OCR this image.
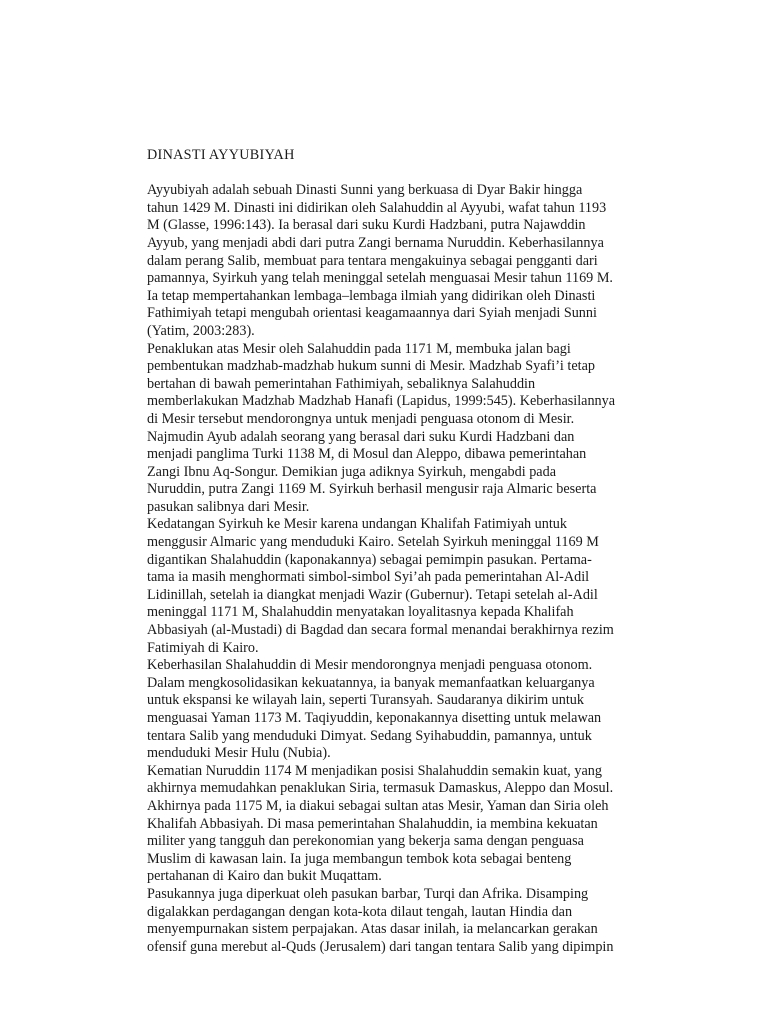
DINASTI AYYUBIYAH
Ayyubiyah adalah sebuah Dinasti Sunni yang berkuasa di Dyar Bakir hingga
tahun 1429 M. Dinasti ini didirikan oleh Salahuddin al Ayyubi, wafat tahun 1193
M (Glasse, 1996:143). Ia berasal dari suku Kurdi Hadzbani, putra Najawddin
Ayyub, yang menjadi abdi dari putra Zangi bernama Nuruddin. Keberhasilannya
dalam perang Salib, membuat para tentara mengakuinya sebagai pengganti dari
pamannya, Syirkuh yang telah meninggal setelah menguasai Mesir tahun 1169 M.
Ia tetap mempertahankan lembaga–lembaga ilmiah yang didirikan oleh Dinasti
Fathimiyah tetapi mengubah orientasi keagamaannya dari Syiah menjadi Sunni
(Yatim, 2003:283).
Penaklukan atas Mesir oleh Salahuddin pada 1171 M, membuka jalan bagi
pembentukan madzhab-madzhab hukum sunni di Mesir. Madzhab Syafi’i tetap
bertahan di bawah pemerintahan Fathimiyah, sebaliknya Salahuddin
memberlakukan Madzhab Madzhab Hanafi (Lapidus, 1999:545). Keberhasilannya
di Mesir tersebut mendorongnya untuk menjadi penguasa otonom di Mesir.
Najmudin Ayub adalah seorang yang berasal dari suku Kurdi Hadzbani dan
menjadi panglima Turki 1138 M, di Mosul dan Aleppo, dibawa pemerintahan
Zangi Ibnu Aq-Songur. Demikian juga adiknya Syirkuh, mengabdi pada
Nuruddin, putra Zangi 1169 M. Syirkuh berhasil mengusir raja Almaric beserta
pasukan salibnya dari Mesir.
Kedatangan Syirkuh ke Mesir karena undangan Khalifah Fatimiyah untuk
menggusir Almaric yang menduduki Kairo. Setelah Syirkuh meninggal 1169 M
digantikan Shalahuddin (kaponakannya) sebagai pemimpin pasukan. Pertama-
tama ia masih menghormati simbol-simbol Syi’ah pada pemerintahan Al-Adil
Lidinillah, setelah ia diangkat menjadi Wazir (Gubernur). Tetapi setelah al-Adil
meninggal 1171 M, Shalahuddin menyatakan loyalitasnya kepada Khalifah
Abbasiyah (al-Mustadi) di Bagdad dan secara formal menandai berakhirnya rezim
Fatimiyah di Kairo.
Keberhasilan Shalahuddin di Mesir mendorongnya menjadi penguasa otonom.
Dalam mengkosolidasikan kekuatannya, ia banyak memanfaatkan keluarganya
untuk ekspansi ke wilayah lain, seperti Turansyah. Saudaranya dikirim untuk
menguasai Yaman 1173 M. Taqiyuddin, keponakannya disetting untuk melawan
tentara Salib yang menduduki Dimyat. Sedang Syihabuddin, pamannya, untuk
menduduki Mesir Hulu (Nubia).
Kematian Nuruddin 1174 M menjadikan posisi Shalahuddin semakin kuat, yang
akhirnya memudahkan penaklukan Siria, termasuk Damaskus, Aleppo dan Mosul.
Akhirnya pada 1175 M, ia diakui sebagai sultan atas Mesir, Yaman dan Siria oleh
Khalifah Abbasiyah. Di masa pemerintahan Shalahuddin, ia membina kekuatan
militer yang tangguh dan perekonomian yang bekerja sama dengan penguasa
Muslim di kawasan lain. Ia juga membangun tembok kota sebagai benteng
pertahanan di Kairo dan bukit Muqattam.
Pasukannya juga diperkuat oleh pasukan barbar, Turqi dan Afrika. Disamping
digalakkan perdagangan dengan kota-kota dilaut tengah, lautan Hindia dan
menyempurnakan sistem perpajakan. Atas dasar inilah, ia melancarkan gerakan
ofensif guna merebut al-Quds (Jerusalem) dari tangan tentara Salib yang dipimpin
